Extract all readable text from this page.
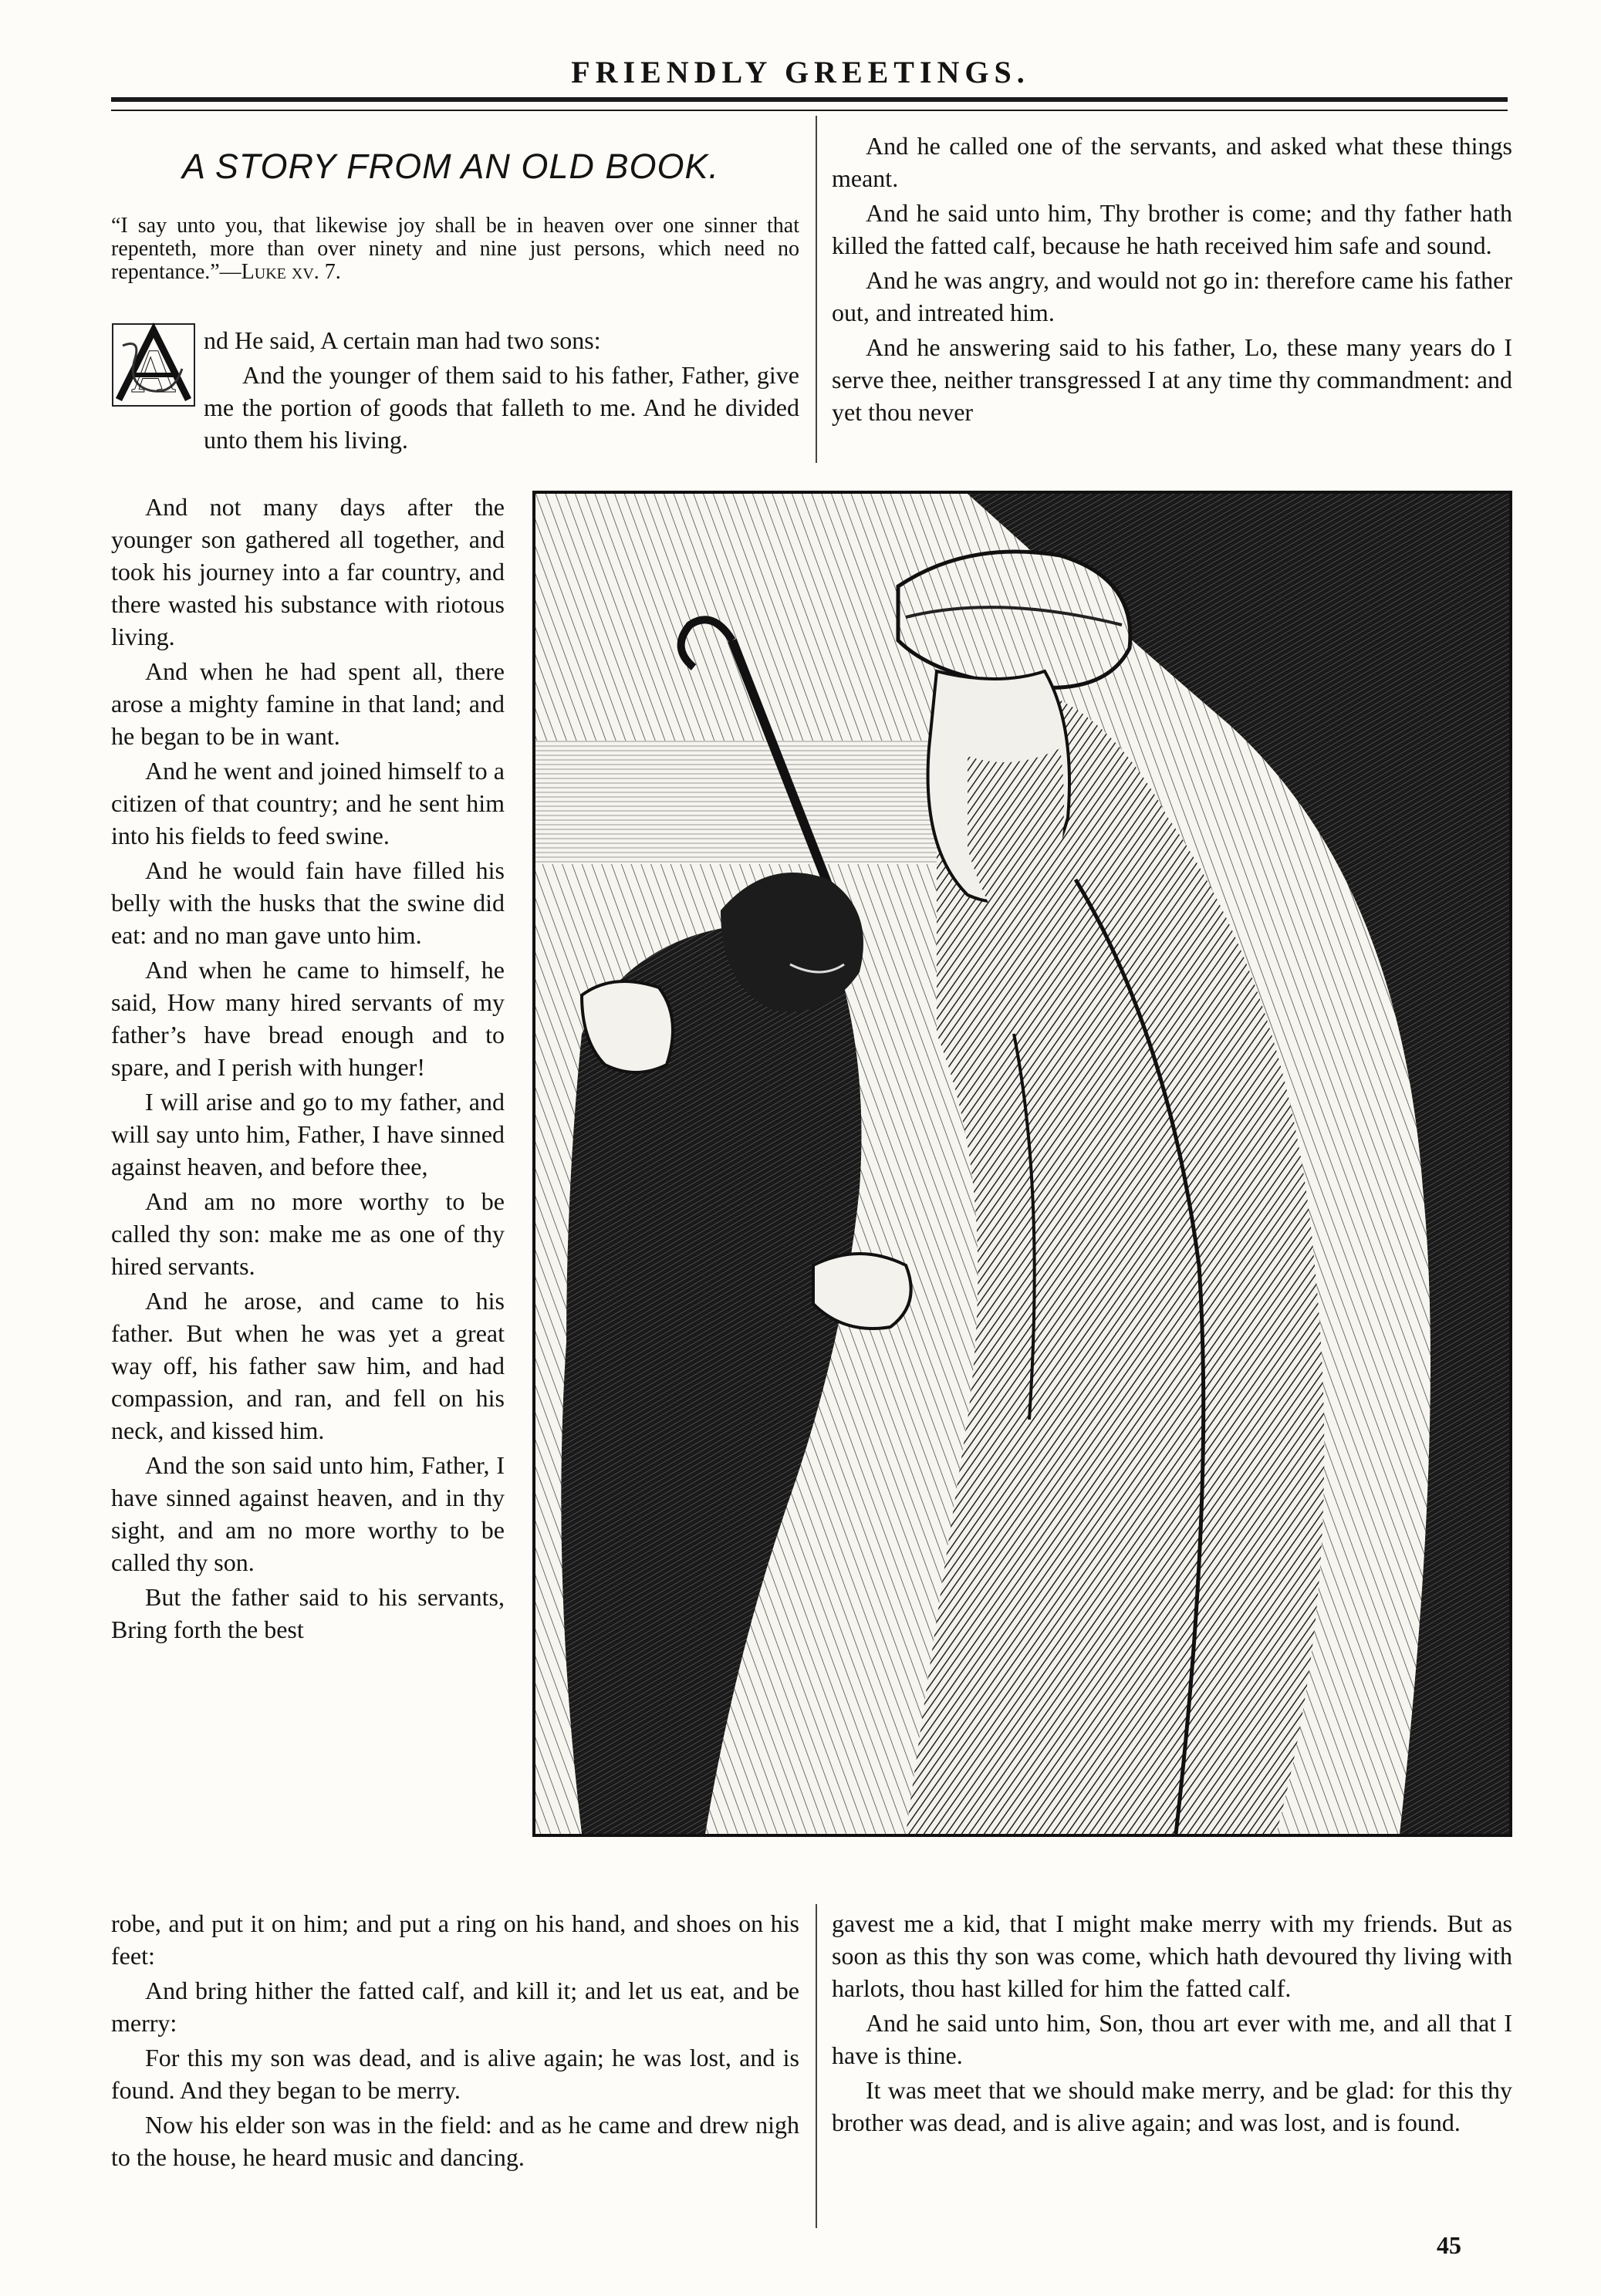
FRIENDLY GREETINGS.
A STORY FROM AN OLD BOOK.
“I say unto you, that likewise joy shall be in heaven over one sinner that repenteth, more than over ninety and nine just persons, which need no repentance.”—Luke xv. 7.
A	nd He said, A certain man had two sons:

And the younger of them said to his father, Father, give me the portion of goods that falleth to me. And he divided unto them his living.

And not many days after the younger son gathered all together, and took his journey into a far country, and there wasted his substance with riotous living.

And when he had spent all, there arose a mighty famine in that land; and he began to be in want.

And he went and joined himself to a citizen of that country; and he sent him into his fields to feed swine.

And he would fain have filled his belly with the husks that the swine did eat: and no man gave unto him.

And when he came to himself, he said, How many hired servants of my father’s have bread enough and to spare, and I perish with hunger!

I will arise and go to my father, and will say unto him, Father, I have sinned against heaven, and before thee,

And am no more worthy to be called thy son: make me as one of thy hired servants.

And he arose, and came to his father. But when he was yet a great way off, his father saw him, and had compassion, and ran, and fell on his neck, and kissed him.

And the son said unto him, Father, I have sinned against heaven, and in thy sight, and am no more worthy to be called thy son.

But the father said to his servants, Bring forth the best

robe, and put it on him; and put a ring on his hand, and shoes on his feet:

And bring hither the fatted calf, and kill it; and let us eat, and be merry:

For this my son was dead, and is alive again; he was lost, and is found. And they began to be merry.

Now his elder son was in the field: and as he came and drew nigh to the house, he heard music and dancing.

And he called one of the servants, and asked what these things meant.

And he said unto him, Thy brother is come; and thy father hath killed the fatted calf, because he hath received him safe and sound.

And he was angry, and would not go in: therefore came his father out, and intreated him.

And he answering said to his father, Lo, these many years do I serve thee, neither transgressed I at any time thy commandment: and yet thou never

gavest me a kid, that I might make merry with my friends. But as soon as this thy son was come, which hath devoured thy living with harlots, thou hast killed for him the fatted calf.

And he said unto him, Son, thou art ever with me, and all that I have is thine.

It was meet that we should make merry, and be glad: for this thy brother was dead, and is alive again; and was lost, and is found.

45
